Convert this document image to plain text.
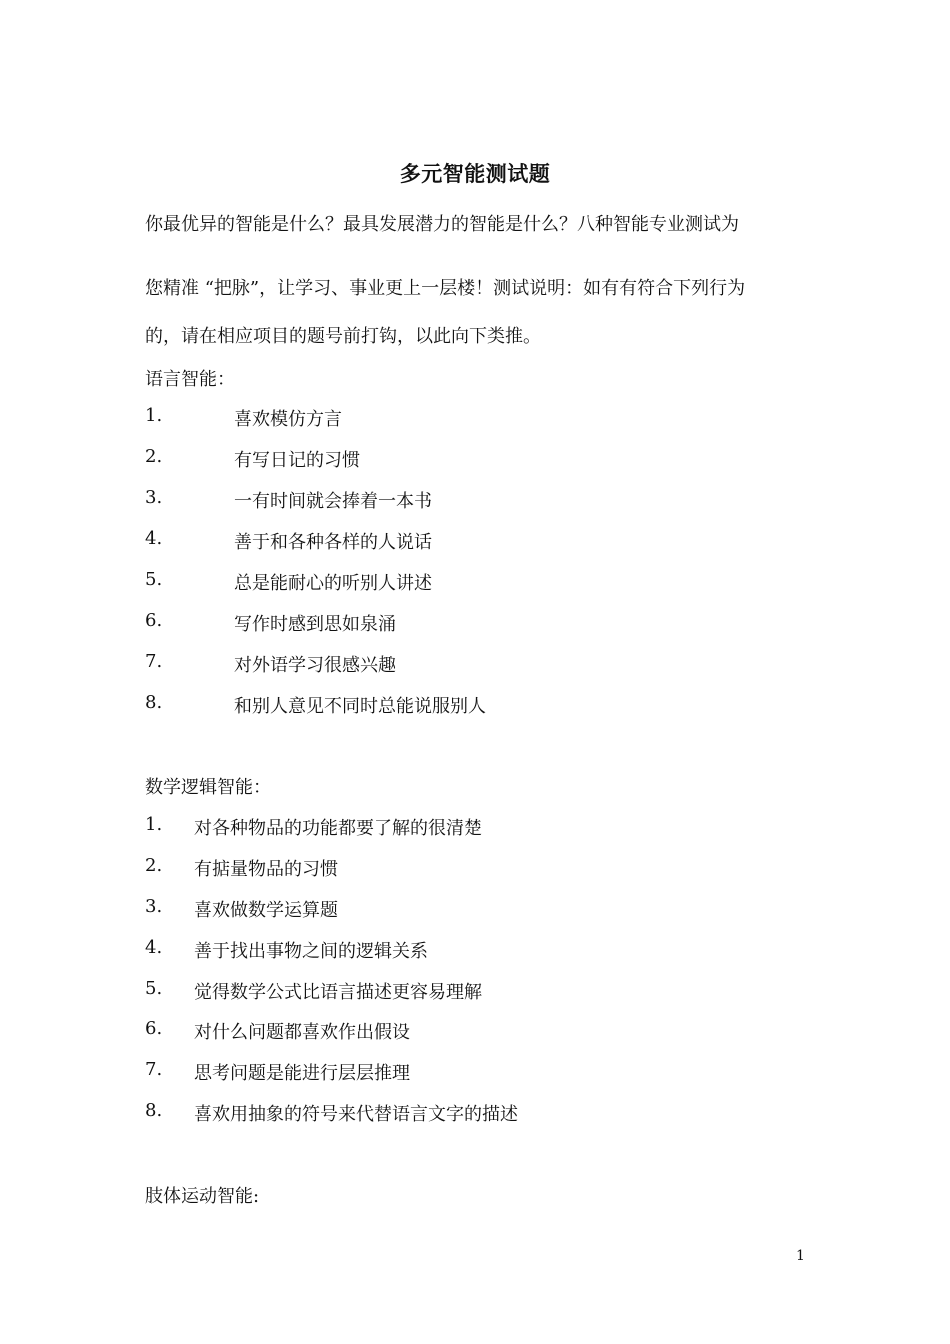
多元智能测试题
你最优异的智能是什么？最具发展潜力的智能是什么？八种智能专业测试为
您精准 “把脉”，让学习、事业更上一层楼！测试说明：如有有符合下列行为
的，请在相应项目的题号前打钩，以此向下类推。
语言智能：
1.	喜欢模仿方言
2.	有写日记的习惯
3.	一有时间就会捧着一本书
4.	善于和各种各样的人说话
5.	总是能耐心的听别人讲述
6.	写作时感到思如泉涌
7.	对外语学习很感兴趣
8.	和别人意见不同时总能说服别人
数学逻辑智能：
1. 对各种物品的功能都要了解的很清楚
2. 有掂量物品的习惯
3. 喜欢做数学运算题
4. 善于找出事物之间的逻辑关系
5. 觉得数学公式比语言描述更容易理解
6. 对什么问题都喜欢作出假设
7. 思考问题是能进行层层推理
8. 喜欢用抽象的符号来代替语言文字的描述
肢体运动智能:
1
